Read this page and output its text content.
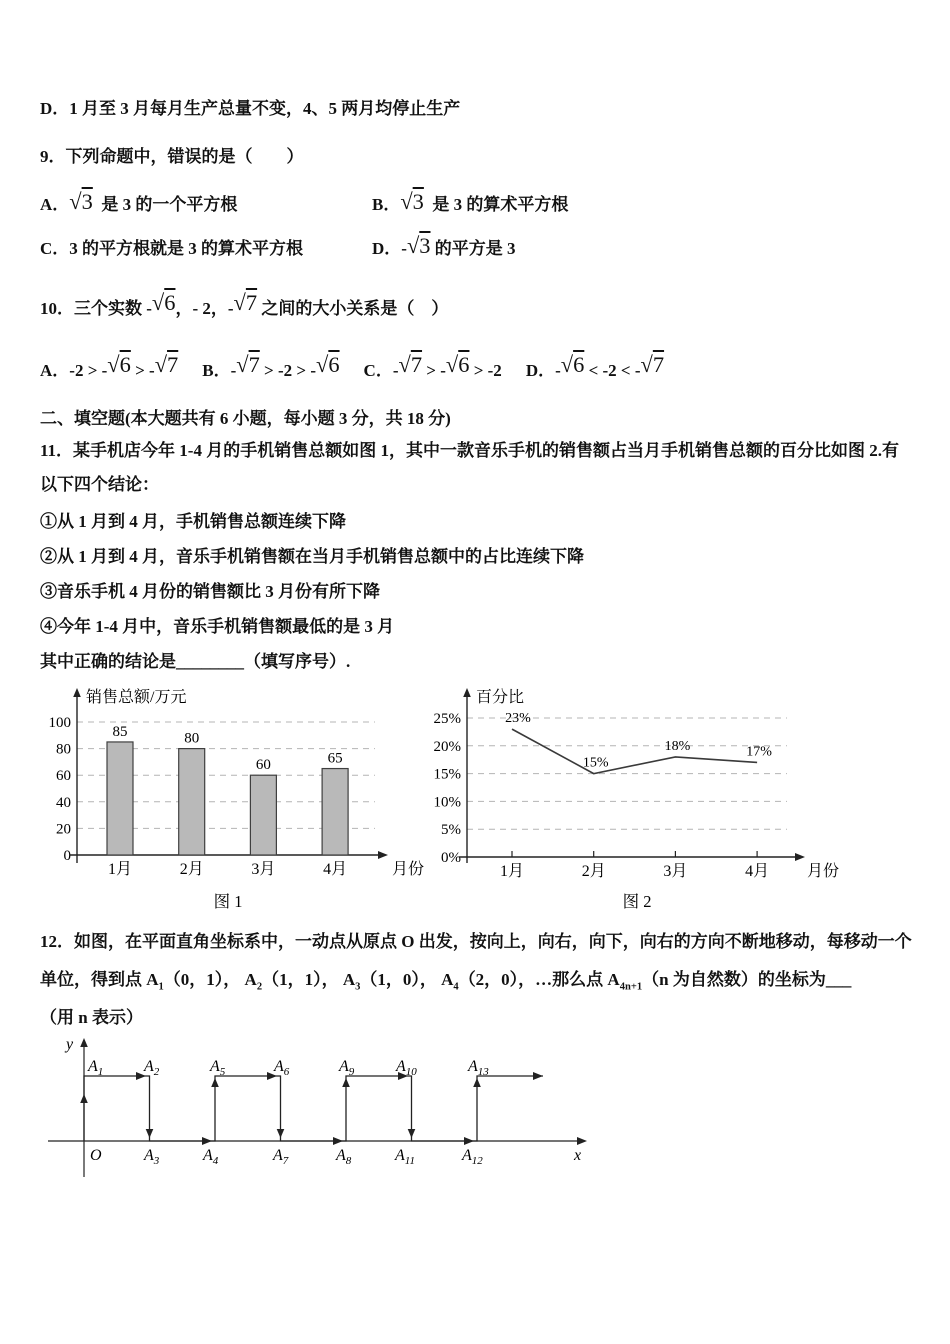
D．1 月至 3 月每月生产总量不变，4、5 两月均停止生产

9．下列命题中，错误的是（　　）

A． √3 是 3 的一个平方根	B． √3 是 3 的算术平方根
C．3 的平方根就是 3 的算术平方根	D．- √3 的平方是 3

10．三个实数 -√6，- 2，-√7 之间的大小关系是（　）

A．-2 > -√6 > -√7 B．-√7 > -2 > -√6 C．-√7 > -√6 > -2 D．-√6 < -2 < -√7

二、填空题(本大题共有 6 小题，每小题 3 分，共 18 分)

11．某手机店今年 1-4 月的手机销售总额如图 1，其中一款音乐手机的销售额占当月手机销售总额的百分比如图 2.有

以下四个结论：

①从 1 月到 4 月，手机销售总额连续下降

②从 1 月到 4 月，音乐手机销售额在当月手机销售总额中的占比连续下降

③音乐手机 4 月份的销售额比 3 月份有所下降

④今年 1-4 月中，音乐手机销售额最低的是 3 月

其中正确的结论是________（填写序号）.

0
20
40
60
80
100
销售总额/万元
月份
85
1月
80
2月
60
3月
65
4月
图 1
0%
5%
10%
15%
20%
25%
百分比
月份
1月
23%
2月
15%
3月
18%
4月
17%
图 2

12．如图，在平面直角坐标系中，一动点从原点 O 出发，按向上，向右，向下，向右的方向不断地移动，每移动一个

单位，得到点 $A_1(0$，1）， $A_2(1$，1）， $A_3(1$，0）， $A_4(2$，0），…那么点 $A_{4n+1}(n$ 为自然数）的坐标为___

（用 n 表示）

$A_1$	$A_2$	$A_5$	$A_6$	$A_9$	$A_{10}$	$A_{13}$
$A_3$	$A_4$	$A_7$	$A_8$	$A_{11}$	$A_{12}$
O	x
y
